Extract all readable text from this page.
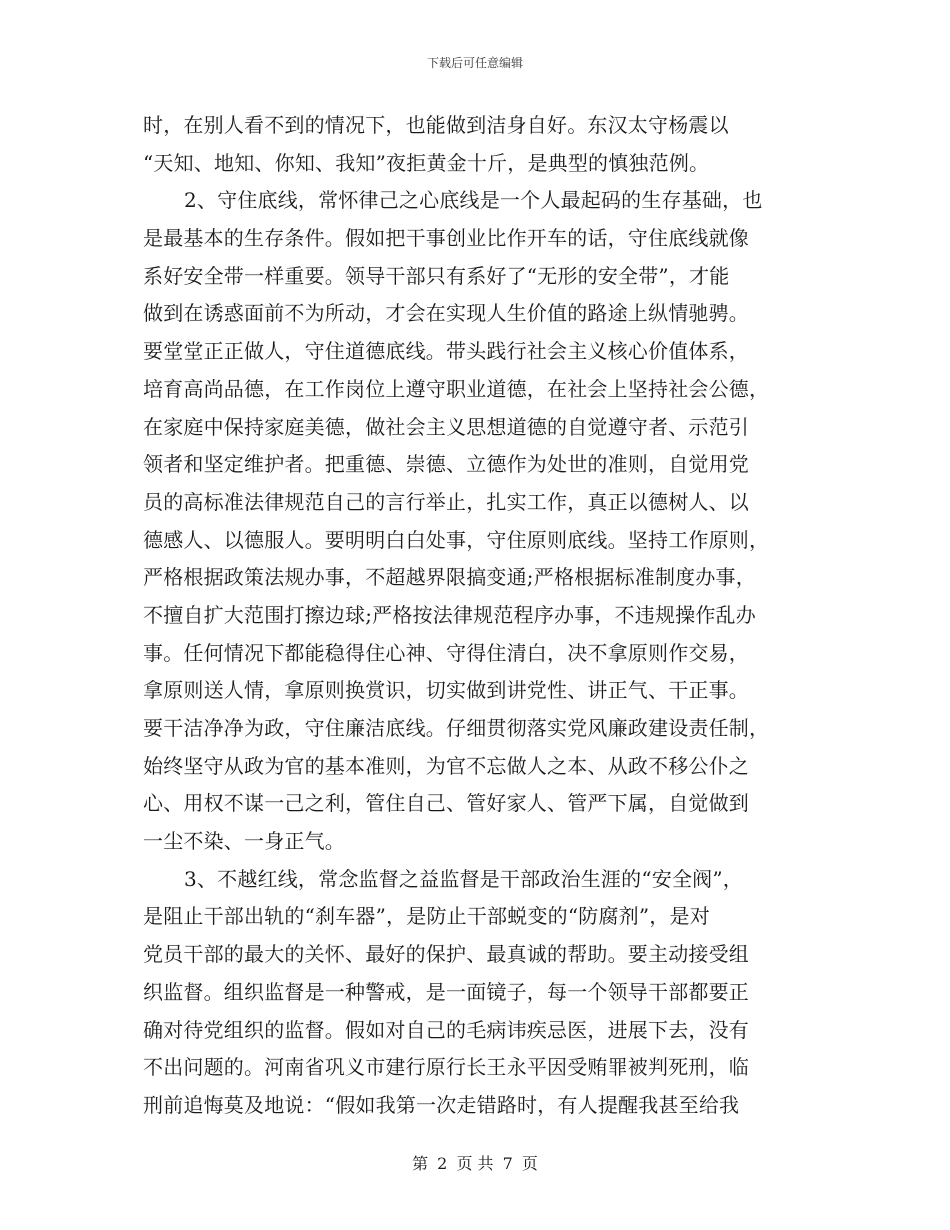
下载后可任意编辑
时，在别人看不到的情况下，也能做到洁身自好。东汉太守杨震以
“天知、地知、你知、我知”夜拒黄金十斤，是典型的慎独范例。
2、守住底线，常怀律己之心底线是一个人最起码的生存基础，也
是最基本的生存条件。假如把干事创业比作开车的话，守住底线就像
系好安全带一样重要。领导干部只有系好了“无形的安全带”，才能
做到在诱惑面前不为所动，才会在实现人生价值的路途上纵情驰骋。
要堂堂正正做人，守住道德底线。带头践行社会主义核心价值体系，
培育高尚品德，在工作岗位上遵守职业道德，在社会上坚持社会公德，
在家庭中保持家庭美德，做社会主义思想道德的自觉遵守者、示范引
领者和坚定维护者。把重德、崇德、立德作为处世的准则，自觉用党
员的高标准法律规范自己的言行举止，扎实工作，真正以德树人、以
德感人、以德服人。要明明白白处事，守住原则底线。坚持工作原则，
严格根据政策法规办事，不超越界限搞变通;严格根据标准制度办事，
不擅自扩大范围打擦边球;严格按法律规范程序办事，不违规操作乱办
事。任何情况下都能稳得住心神、守得住清白，决不拿原则作交易，
拿原则送人情，拿原则换赏识，切实做到讲党性、讲正气、干正事。
要干洁净净为政，守住廉洁底线。仔细贯彻落实党风廉政建设责任制，
始终坚守从政为官的基本准则，为官不忘做人之本、从政不移公仆之
心、用权不谋一己之利，管住自己、管好家人、管严下属，自觉做到
一尘不染、一身正气。
3、不越红线，常念监督之益监督是干部政治生涯的“安全阀”，
是阻止干部出轨的“刹车器”，是防止干部蜕变的“防腐剂”，是对
党员干部的最大的关怀、最好的保护、最真诚的帮助。要主动接受组
织监督。组织监督是一种警戒，是一面镜子，每一个领导干部都要正
确对待党组织的监督。假如对自己的毛病讳疾忌医，进展下去，没有
不出问题的。河南省巩义市建行原行长王永平因受贿罪被判死刑，临
刑前追悔莫及地说：“假如我第一次走错路时，有人提醒我甚至给我
第 2 页 共 7 页
